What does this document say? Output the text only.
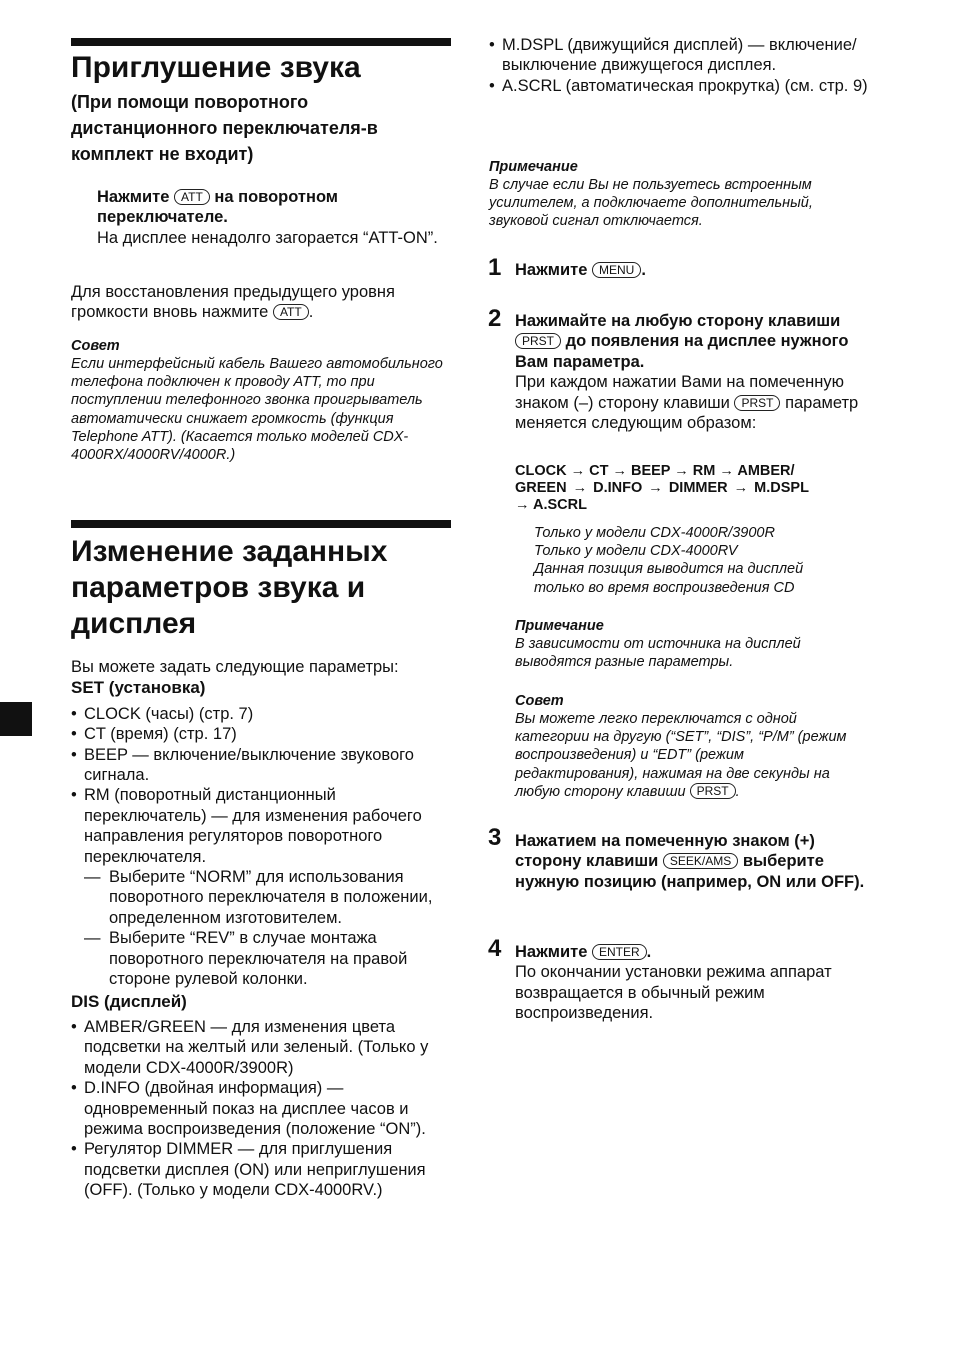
Приглушение звука
(При помощи поворотного дистанционного переключателя-в комплект не входит)
Нажмите ATT на поворотном переключателе.
На дисплее ненадолго загорается “ATT-ON”.

Для восстановления предыдущего уровня громкости вновь нажмите ATT .

Совет
Если интерфейсный кабель Вашего автомобильного телефона подключен к проводу ATT, то при поступлении телефонного звонка проигрыватель автоматически снижает громкость (функция Telephone ATT). (Касается только моделей CDX-4000RX/4000RV/4000R.)
Изменение заданных параметров звука и дисплея

Вы можете задать следующие параметры:

SET (установка)

• CLOCK (часы) (стр. 7)
• CT (время) (стр. 17)
• BEEP — включение/выключение звукового сигнала.
• RM (поворотный дистанционный переключатель) — для изменения рабочего направления регуляторов поворотного переключателя.
— Выберите “NORM” для использования поворотного переключателя в положении, определенном изготовителем.
— Выберите “REV” в случае монтажа поворотного переключателя на правой стороне рулевой колонки.

DIS (дисплей)

• AMBER/GREEN — для изменения цвета подсветки на желтый или зеленый. (Только у модели CDX-4000R/3900R)
• D.INFO (двойная информация) — одновременный показ на дисплее часов и режима воспроизведения (положение “ON”).
• Регулятор DIMMER — для приглушения подсветки дисплея (ON) или неприглушения (OFF). (Только у модели CDX-4000RV.)
• M.DSPL (движущийся дисплей) — включение/выключение движущегося дисплея.
• A.SCRL (автоматическая прокрутка) (см. стр. 9)
Примечание
В случае если Вы не пользуетесь встроенным усилителем, а подключаете дополнительный, звуковой сигнал отключается.
1 Нажмите MENU .
2 Нажимайте на любую сторону клавиши PRST до появления на дисплее нужного Вам параметра.
При каждом нажатии Вами на помеченную знаком (–) сторону клавиши PRST параметр меняется следующим образом:
CLOCK → CT → BEEP → RM → AMBER/
GREEN → D.INFO → DIMMER → M.DSPL
→ A.SCRL
Только у модели CDX-4000R/3900R
Только у модели CDX-4000RV
Данная позиция выводится на дисплей только во время воспроизведения CD
Примечание
В зависимости от источника на дисплей выводятся разные параметры.
Совет
Вы можете легко переключатся с одной категории на другую (“SET”, “DIS”, “P/M” (режим воспроизведения) и “EDT” (режим редактирования), нажимая на две секунды на любую сторону клавиши PRST .
3 Нажатием на помеченную знаком (+) сторону клавиши SEEK/AMS выберите нужную позицию (например, ON или OFF).
4 Нажмите ENTER .
По окончании установки режима аппарат возвращается в обычный режим воспроизведения.
